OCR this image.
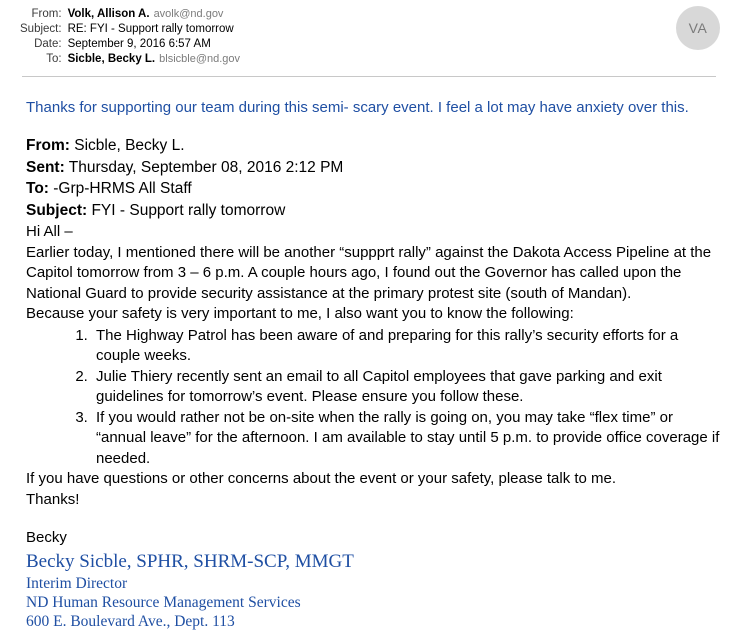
From:	Volk, Allison A. avolk@nd.gov
Subject:	RE: FYI - Support rally tomorrow
Date:	September 9, 2016 6:57 AM
To:	Sicble, Becky L. blsicble@nd.gov
VA

Thanks for supporting our team during this semi- scary event. I feel a lot may have anxiety over this.

From: Sicble, Becky L.
Sent: Thursday, September 08, 2016 2:12 PM
To: -Grp-HRMS All Staff
Subject: FYI - Support rally tomorrow

Hi All –

Earlier today, I mentioned there will be another “suppprt rally” against the Dakota Access Pipeline at the Capitol tomorrow from 3 – 6 p.m. A couple hours ago, I found out the Governor has called upon the National Guard to provide security assistance at the primary protest site (south of Mandan).

Because your safety is very important to me, I also want you to know the following:

1. The Highway Patrol has been aware of and preparing for this rally’s security efforts for a couple weeks.
2. Julie Thiery recently sent an email to all Capitol employees that gave parking and exit guidelines for tomorrow’s event. Please ensure you follow these.
3. If you would rather not be on-site when the rally is going on, you may take “flex time” or “annual leave” for the afternoon. I am available to stay until 5 p.m. to provide office coverage if needed.

If you have questions or other concerns about the event or your safety, please talk to me.

Thanks!

Becky
Becky Sicble, SPHR, SHRM-SCP, MMGT
Interim Director
ND Human Resource Management Services
600 E. Boulevard Ave., Dept. 113
